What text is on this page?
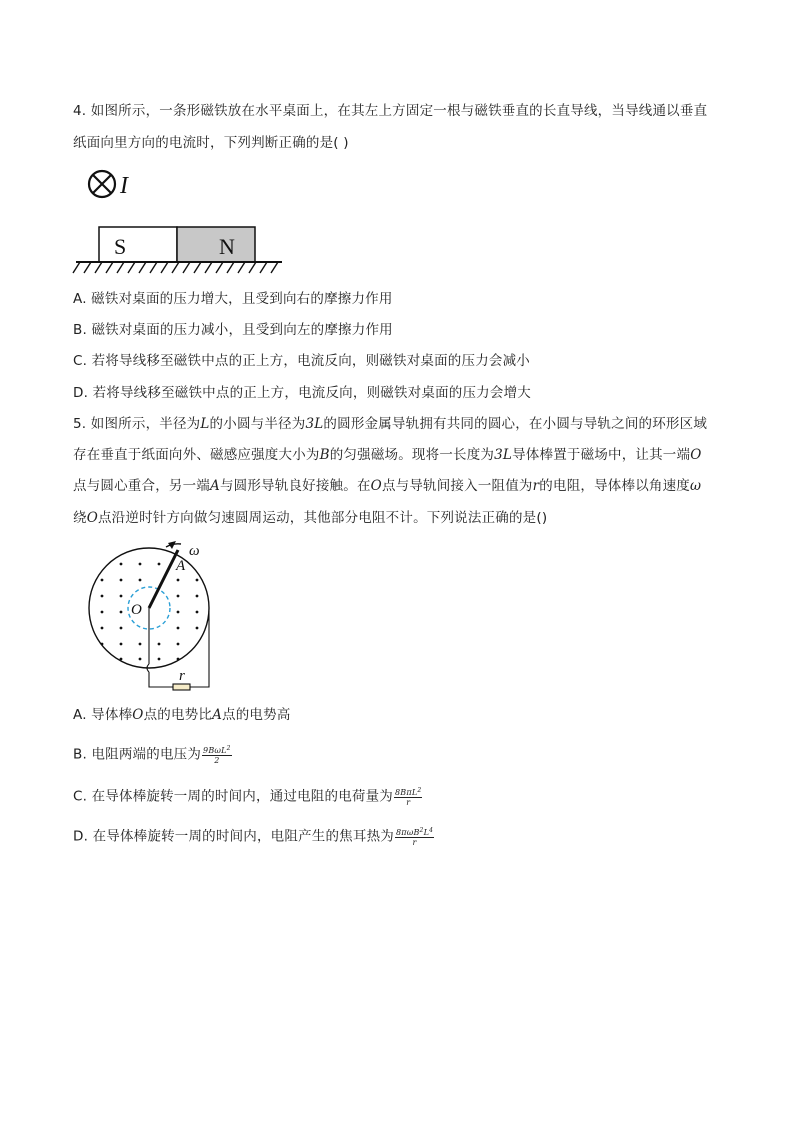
4. 如图所示，一条形磁铁放在水平桌面上，在其左上方固定一根与磁铁垂直的长直导线，当导线通以垂直
纸面向里方向的电流时，下列判断正确的是( )
I
S	N
A. 磁铁对桌面的压力增大，且受到向右的摩擦力作用
B. 磁铁对桌面的压力减小，且受到向左的摩擦力作用
C. 若将导线移至磁铁中点的正上方，电流反向，则磁铁对桌面的压力会减小
D. 若将导线移至磁铁中点的正上方，电流反向，则磁铁对桌面的压力会增大
5. 如图所示，半径为L的小圆与半径为3L的圆形金属导轨拥有共同的圆心，在小圆与导轨之间的环形区域
存在垂直于纸面向外、磁感应强度大小为B的匀强磁场。现将一长度为3L导体棒置于磁场中，让其一端O
点与圆心重合，另一端A与圆形导轨良好接触。在O点与导轨间接入一阻值为r的电阻，导体棒以角速度ω
绕O点沿逆时针方向做匀速圆周运动，其他部分电阻不计。下列说法正确的是()
ω
A
O
r
A. 导体棒O点的电势比A点的电势高
B. 电阻两端的电压为 $\frac{9B\omega L^2}{2}$
C. 在导体棒旋转一周的时间内，通过电阻的电荷量为 $\frac{8B\pi L^2}{r}$
D. 在导体棒旋转一周的时间内，电阻产生的焦耳热为 $\frac{8\pi\omega B^2L^4}{r}$
